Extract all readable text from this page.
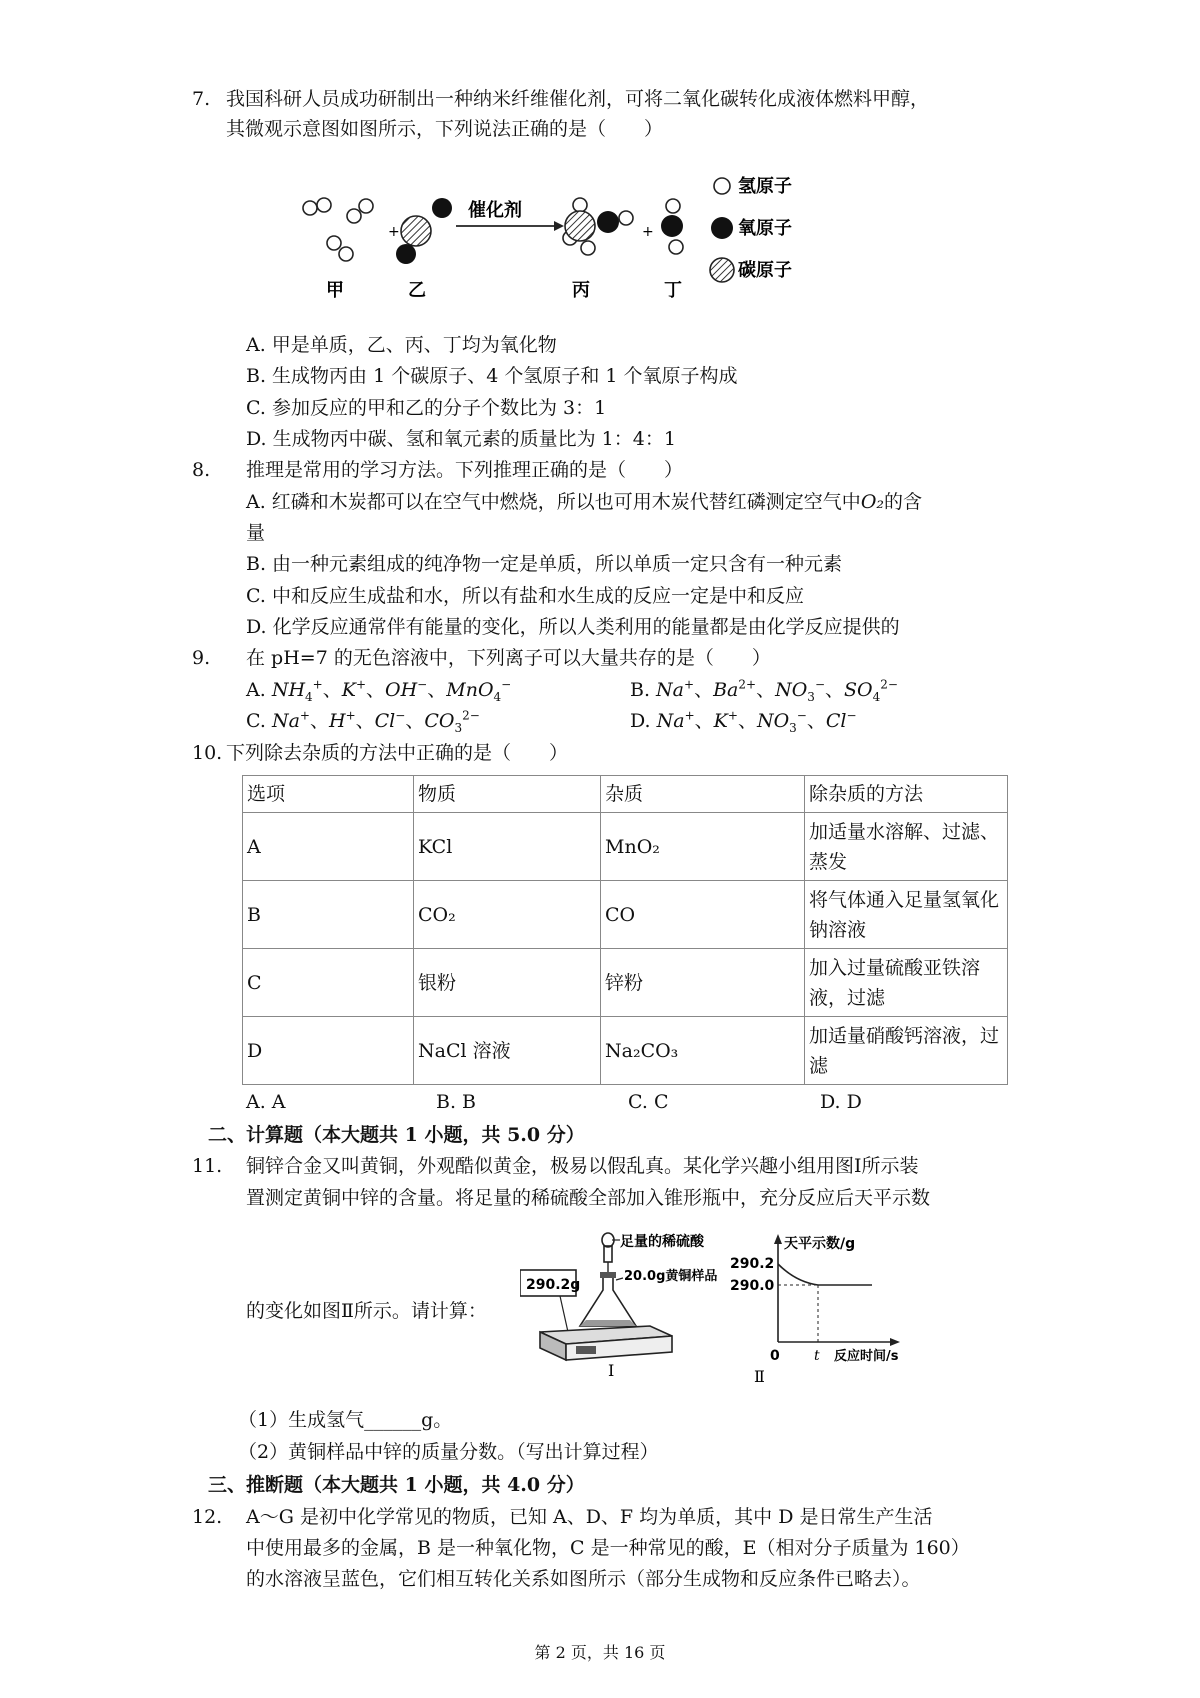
7. 我国科研人员成功研制出一种纳米纤维催化剂，可将二氧化碳转化成液体燃料甲醇，
其微观示意图如图所示，下列说法正确的是（　　）
+
催化剂
+
氢原子
氧原子
碳原子
甲	乙	丙	丁
A. 甲是单质，乙、丙、丁均为氧化物
B. 生成物丙由 1 个碳原子、4 个氢原子和 1 个氧原子构成
C. 参加反应的甲和乙的分子个数比为 3：1
D. 生成物丙中碳、氢和氧元素的质量比为 1：4：1
8. 推理是常用的学习方法。下列推理正确的是（　　）
A. 红磷和木炭都可以在空气中燃烧，所以也可用木炭代替红磷测定空气中O₂的含
量
B. 由一种元素组成的纯净物一定是单质，所以单质一定只含有一种元素
C. 中和反应生成盐和水，所以有盐和水生成的反应一定是中和反应
D. 化学反应通常伴有能量的变化，所以人类利用的能量都是由化学反应提供的
9. 在 pH=7 的无色溶液中，下列离子可以大量共存的是（　　）
A. $NH_4^+$、K+、OH−、MnO$_4$−	B. Na+、$Ba^{2+}$、$NO_3^-$、$SO_4^{2-}$
C. Na+、H+、Cl−、$CO_3^{2-}$	D. Na+、K+、$NO_3^-$、Cl−
10. 下列除去杂质的方法中正确的是（　　）
选项	物质	杂质	除杂质的方法
A	KCl	MnO₂	加适量水溶解、过滤、蒸发
B	CO₂	CO	将气体通入足量氢氧化钠溶液
C	银粉	锌粉	加入过量硫酸亚铁溶液，过滤
D	NaCl 溶液	Na₂CO₃	加适量硝酸钙溶液，过滤
A. A	B. B	C. C	D. D
二、计算题（本大题共 1 小题，共 5.0 分）
11. 铜锌合金又叫黄铜，外观酷似黄金，极易以假乱真。某化学兴趣小组用图Ⅰ所示装
置测定黄铜中锌的含量。将足量的稀硫酸全部加入锥形瓶中，充分反应后天平示数
的变化如图Ⅱ所示。请计算：
足量的稀硫酸
20.0g黄铜样品
290.2g
Ⅰ
天平示数/g
290.2
290.0
0 t 反应时间/s
Ⅱ
（1）生成氢气______g。
（2）黄铜样品中锌的质量分数。（写出计算过程）
三、推断题（本大题共 1 小题，共 4.0 分）
12. A～G 是初中化学常见的物质，已知 A、D、F 均为单质，其中 D 是日常生产生活
中使用最多的金属，B 是一种氧化物，C 是一种常见的酸，E（相对分子质量为 160）
的水溶液呈蓝色，它们相互转化关系如图所示（部分生成物和反应条件已略去）。
第 2 页，共 16 页
